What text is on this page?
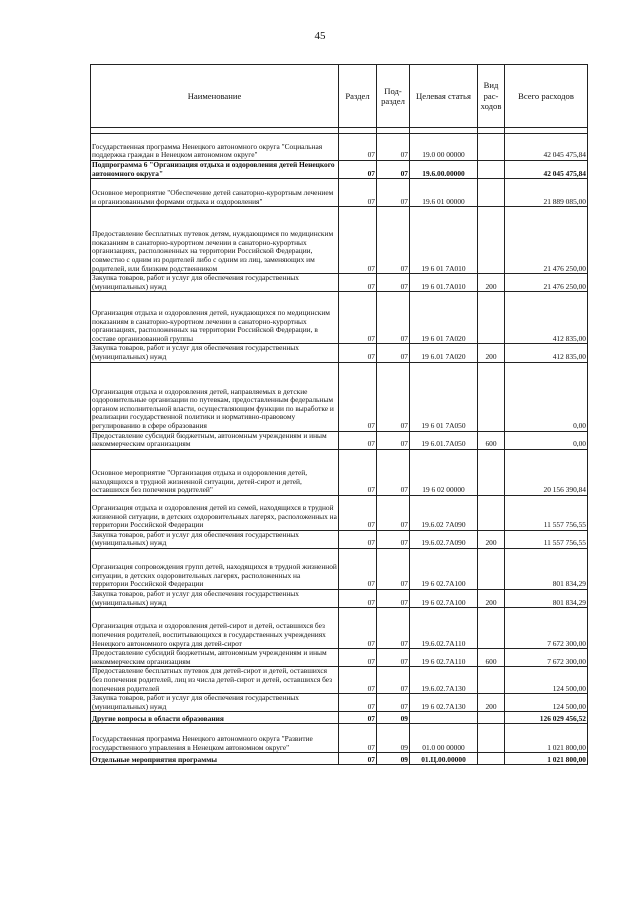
45
Наименование	Раздел	Под-раздел	Целевая статья	Вид рас-ходов	Всего расходов

Государственная программа Ненецкого автономного округа "Социальная поддержка граждан в Ненецком автономном округе"	07	07	19.0 00 00000		42 045 475,84
Подпрограмма 6 "Организация отдыха и оздоровления детей Ненецкого автономного округа"	07	07	19.6.00.00000		42 045 475,84
Основное мероприятие "Обеспечение детей санаторно-курортным лечением и организованными формами отдыха и оздоровления"	07	07	19.6 01 00000		21 889 085,00
Предоставление бесплатных путевок детям, нуждающимся по медицинским показаниям в санаторно-курортном лечении в санаторно-курортных организациях, расположенных на территории Российской Федерации, совместно с одним из родителей либо с одним из лиц, заменяющих им родителей, или близким родственником	07	07	19 6 01 7A010		21 476 250,00
Закупка товаров, работ и услуг для обеспечения государственных (муниципальных) нужд	07	07	19 6 01.7A010	200	21 476 250,00
Организация отдыха и оздоровления детей, нуждающихся по медицинским показаниям в санаторно-курортном лечении в санаторно-курортных организациях, расположенных на территории Российской Федерации, в составе организованной группы	07	07	19 6 01 7A020		412 835,00
Закупка товаров, работ и услуг для обеспечения государственных (муниципальных) нужд	07	07	19 6.01 7A020	200	412 835,00
Организация отдыха и оздоровления детей, направляемых в детские оздоровительные организации по путевкам, предоставленным федеральным органом исполнительной власти, осуществляющим функции по выработке и реализации государственной политики и нормативно-правовому регулированию в сфере образования	07	07	19 6 01 7A050		0,00
Предоставление субсидий бюджетным, автономным учреждениям и иным некоммерческим организациям	07	07	19 6.01.7A050	600	0,00
Основное мероприятие "Организация отдыха и оздоровления детей, находящихся в трудной жизненной ситуации, детей-сирот и детей, оставшихся без попечения родителей"	07	07	19 6 02 00000		20 156 390,84
Организация отдыха и оздоровления детей из семей, находящихся в трудной жизненной ситуации, в детских оздоровительных лагерях, расположенных на территории Российской Федерации	07	07	19.6.02 7A090		11 557 756,55
Закупка товаров, работ и услуг для обеспечения государственных (муниципальных) нужд	07	07	19.6.02.7A090	200	11 557 756,55
Организация сопровождения групп детей, находящихся в трудной жизненной ситуации, в детских оздоровительных лагерях, расположенных на территории Российской Федерации	07	07	19 6 02.7A100		801 834,29
Закупка товаров, работ и услуг для обеспечения государственных (муниципальных) нужд	07	07	19 6 02.7A100	200	801 834,29
Организация отдыха и оздоровления детей-сирот и детей, оставшихся без попечения родителей, воспитывающихся в государственных учреждениях Ненецкого автономного округа для детей-сирот	07	07	19.6.02.7A110		7 672 300,00
Предоставление субсидий бюджетным, автономным учреждениям и иным некоммерческим организациям	07	07	19 6 02.7A110	600	7 672 300,00
Предоставление бесплатных путевок для детей-сирот и детей, оставшихся без попечения родителей, лиц из числа детей-сирот и детей, оставшихся без попечения родителей	07	07	19.6.02.7A130		124 500,00
Закупка товаров, работ и услуг для обеспечения государственных (муниципальных) нужд	07	07	19 6 02.7A130	200	124 500,00
Другие вопросы в области образования	07	09			126 029 456,52
Государственная программа Ненецкого автономного округа "Развитие государственного управления в Ненецком автономном округе"	07	09	01.0 00 00000		1 021 800,00
Отдельные мероприятия программы	07	09	01.Ц.00.00000		1 021 800,00
